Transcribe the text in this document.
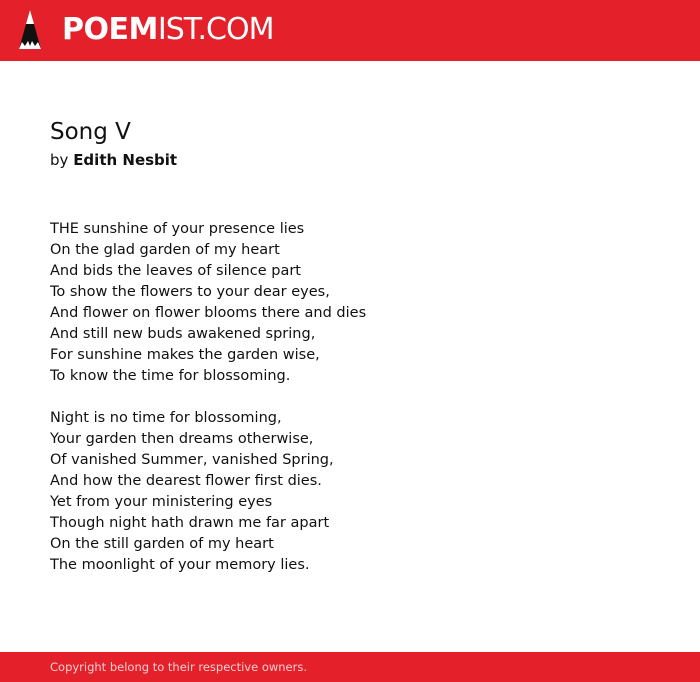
POEMIST.COM
Song V
by Edith Nesbit
THE sunshine of your presence lies
On the glad garden of my heart
And bids the leaves of silence part
To show the flowers to your dear eyes,
And flower on flower blooms there and dies
And still new buds awakened spring,
For sunshine makes the garden wise,
To know the time for blossoming.
Night is no time for blossoming,
Your garden then dreams otherwise,
Of vanished Summer, vanished Spring,
And how the dearest flower first dies.
Yet from your ministering eyes
Though night hath drawn me far apart
On the still garden of my heart
The moonlight of your memory lies.
Copyright belong to their respective owners.
